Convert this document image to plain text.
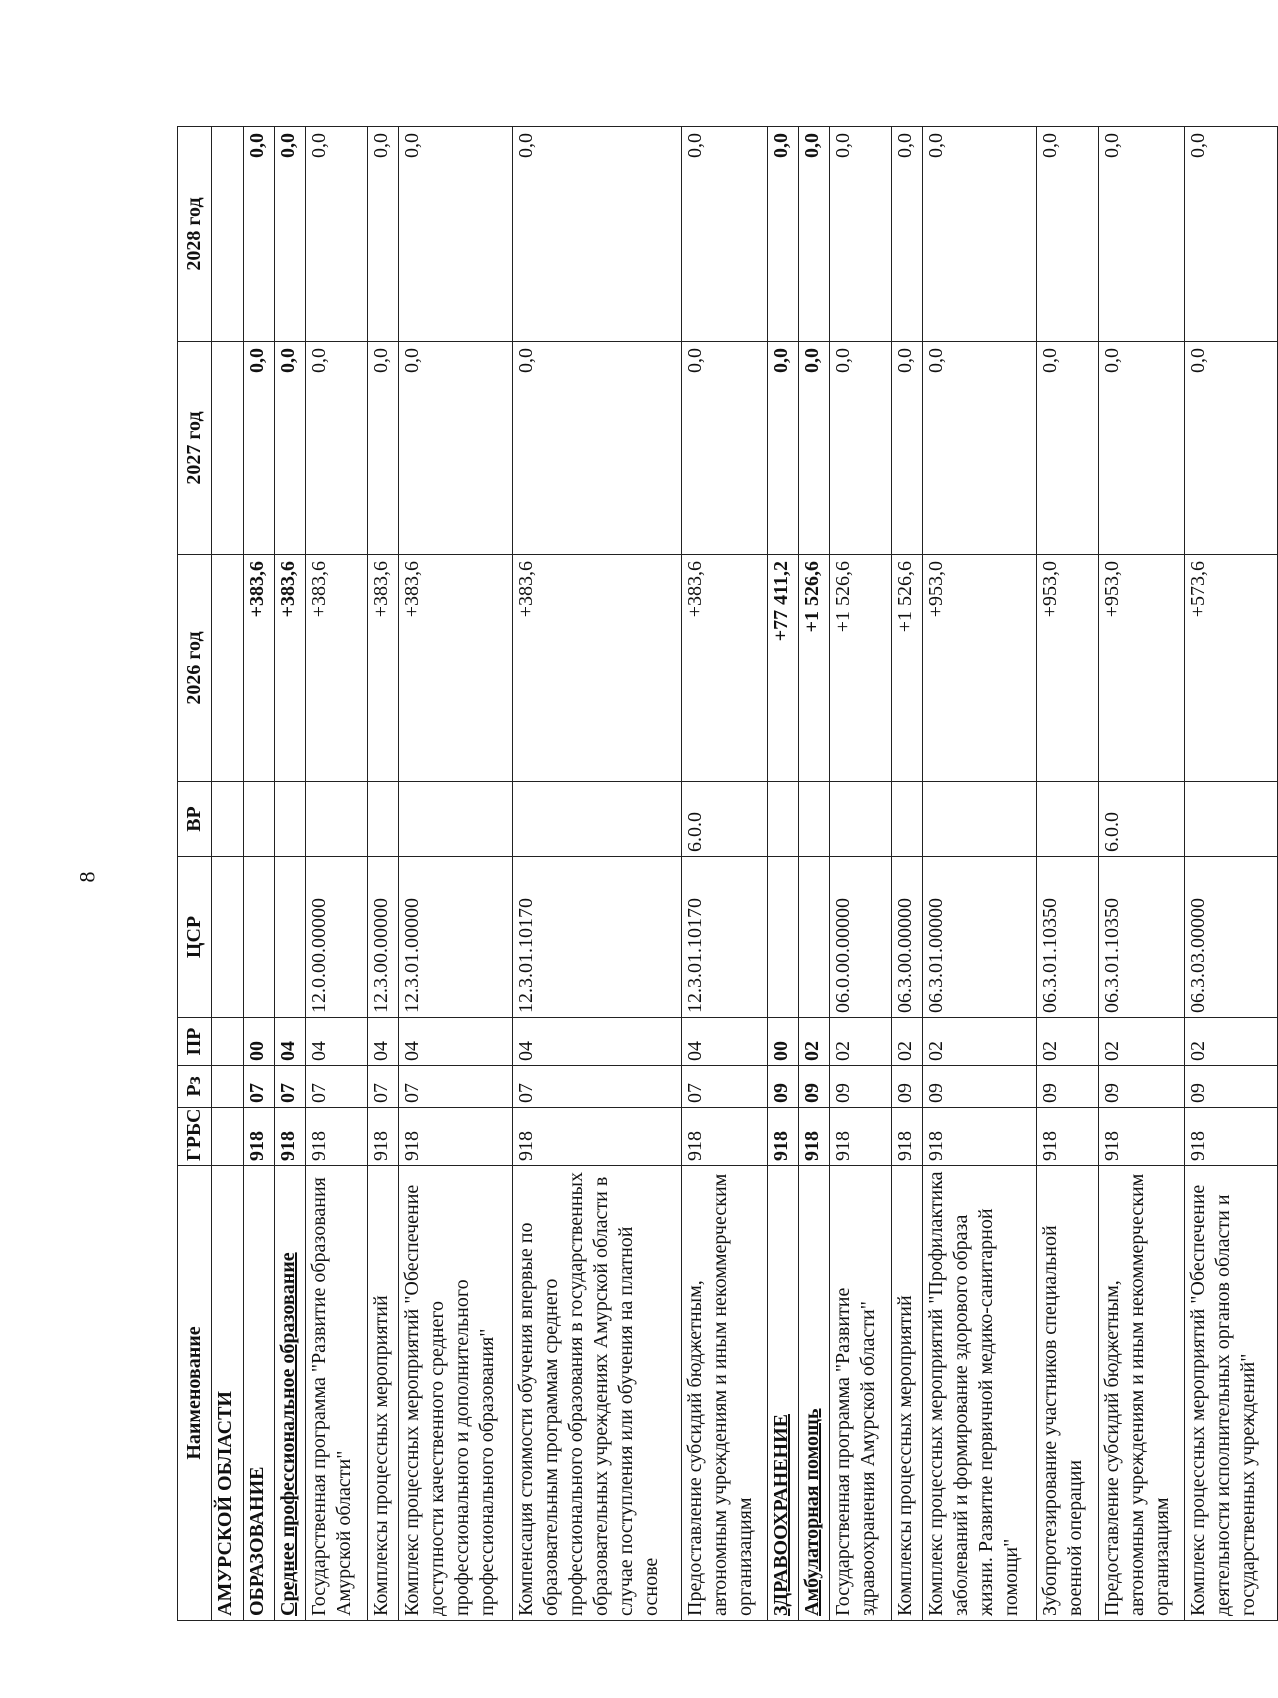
8
Наименование	ГРБС	Рз	ПР	ЦСР	ВР	2026 год	2027 год	2028 год
АМУРСКОЙ ОБЛАСТИ								
ОБРАЗОВАНИЕ	918	07	00			+383,6	0,0	0,0
Среднее профессиональное образование	918	07	04			+383,6	0,0	0,0
Государственная программа "Развитие образования Амурской области"	918	07	04	12.0.00.00000		+383,6	0,0	0,0
Комплексы процессных мероприятий	918	07	04	12.3.00.00000		+383,6	0,0	0,0
Комплекс процессных мероприятий "Обеспечение доступности качественного среднего профессионального и дополнительного профессионального образования"	918	07	04	12.3.01.00000		+383,6	0,0	0,0
Компенсация стоимости обучения впервые по образовательным программам среднего профессионального образования в государственных образовательных учреждениях Амурской области в случае поступления или обучения на платной основе	918	07	04	12.3.01.10170		+383,6	0,0	0,0
Предоставление субсидий бюджетным, автономным учреждениям и иным некоммерческим организациям	918	07	04	12.3.01.10170	6.0.0	+383,6	0,0	0,0
ЗДРАВООХРАНЕНИЕ	918	09	00			+77 411,2	0,0	0,0
Амбулаторная помощь	918	09	02			+1 526,6	0,0	0,0
Государственная программа "Развитие здравоохранения Амурской области"	918	09	02	06.0.00.00000		+1 526,6	0,0	0,0
Комплексы процессных мероприятий	918	09	02	06.3.00.00000		+1 526,6	0,0	0,0
Комплекс процессных мероприятий "Профилактика заболеваний и формирование здорового образа жизни. Развитие первичной медико-санитарной помощи"	918	09	02	06.3.01.00000		+953,0	0,0	0,0
Зубопротезирование участников специальной военной операции	918	09	02	06.3.01.10350		+953,0	0,0	0,0
Предоставление субсидий бюджетным, автономным учреждениям и иным некоммерческим организациям	918	09	02	06.3.01.10350	6.0.0	+953,0	0,0	0,0
Комплекс процессных мероприятий "Обеспечение деятельности исполнительных органов области и государственных учреждений"	918	09	02	06.3.03.00000		+573,6	0,0	0,0
